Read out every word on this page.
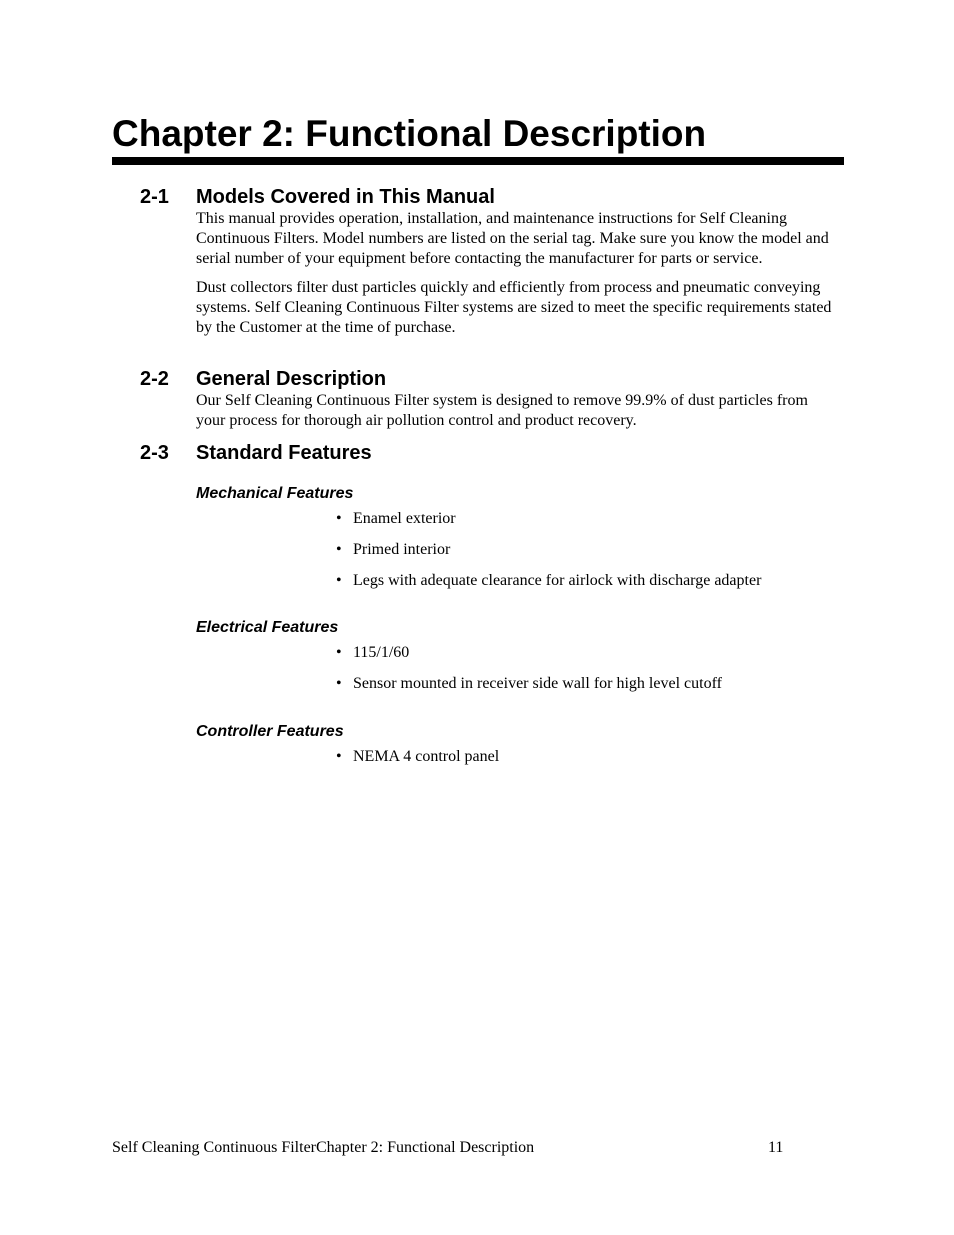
Chapter 2: Functional Description
2-1 Models Covered in This Manual

This manual provides operation, installation, and maintenance instructions for Self Cleaning Continuous Filters. Model numbers are listed on the serial tag. Make sure you know the model and serial number of your equipment before contacting the manufacturer for parts or service.

Dust collectors filter dust particles quickly and efficiently from process and pneumatic conveying systems. Self Cleaning Continuous Filter systems are sized to meet the specific requirements stated by the Customer at the time of purchase.

2-2 General Description

Our Self Cleaning Continuous Filter system is designed to remove 99.9% of dust particles from your process for thorough air pollution control and product recovery.

2-3 Standard Features
Mechanical Features
• Enamel exterior
• Primed interior
• Legs with adequate clearance for airlock with discharge adapter
Electrical Features
• 115/1/60
• Sensor mounted in receiver side wall for high level cutoff
Controller Features
• NEMA 4 control panel
Self Cleaning Continuous FilterChapter 2: Functional Description	11
